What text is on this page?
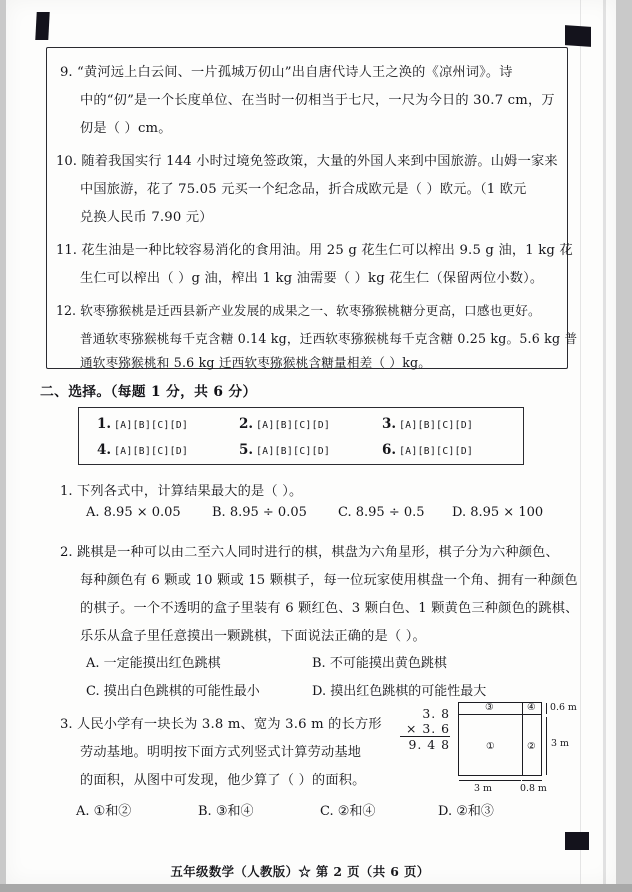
9. “黄河远上白云间、一片孤城万仞山”出自唐代诗人王之涣的《凉州词》。诗
中的“仞”是一个长度单位、在当时一仞相当于七尺，一尺为今日的 30.7 cm，万
仞是（ ）cm。
10. 随着我国实行 144 小时过境免签政策，大量的外国人来到中国旅游。山姆一家来
中国旅游，花了 75.05 元买一个纪念品，折合成欧元是（ ）欧元。（1 欧元
兑换人民币 7.90 元）
11. 花生油是一种比较容易消化的食用油。用 25 g 花生仁可以榨出 9.5 g 油，1 kg 花
生仁可以榨出（ ）g 油，榨出 1 kg 油需要（ ）kg 花生仁（保留两位小数）。
12. 软枣猕猴桃是迁西县新产业发展的成果之一、软枣猕猴桃糖分更高，口感也更好。
普通软枣猕猴桃每千克含糖 0.14 kg，迁西软枣猕猴桃每千克含糖 0.25 kg。5.6 kg 普
通软枣猕猴桃和 5.6 kg 迁西软枣猕猴桃含糖量相差（ ）kg。
二、选择。（每题 1 分，共 6 分）
1. [A][B][C][D]	2. [A][B][C][D]	3. [A][B][C][D]
4. [A][B][C][D]	5. [A][B][C][D]	6. [A][B][C][D]
1. 下列各式中，计算结果最大的是（ ）。
A. 8.95 × 0.05 B. 8.95 ÷ 0.05 C. 8.95 ÷ 0.5 D. 8.95 × 100
2. 跳棋是一种可以由二至六人同时进行的棋，棋盘为六角星形，棋子分为六种颜色、
每种颜色有 6 颗或 10 颗或 15 颗棋子，每一位玩家使用棋盘一个角、拥有一种颜色
的棋子。一个不透明的盒子里装有 6 颗红色、3 颗白色、1 颗黄色三种颜色的跳棋、
乐乐从盒子里任意摸出一颗跳棋，下面说法正确的是（ ）。
A. 一定能摸出红色跳棋	B. 不可能摸出黄色跳棋
C. 摸出白色跳棋的可能性最小	D. 摸出红色跳棋的可能性最大
3. 人民小学有一块长为 3.8 m、宽为 3.6 m 的长方形
劳动基地。明明按下面方式列竖式计算劳动基地
的面积，从图中可发现，他少算了（ ）的面积。
A. ①和②	B. ③和④	C. ②和④	D. ②和③
3. 8
× 3. 6
9. 4 8
③	④
①	②
0.6 m
3 m
3 m	0.8 m
五年级数学（人教版）☆ 第 2 页（共 6 页）
